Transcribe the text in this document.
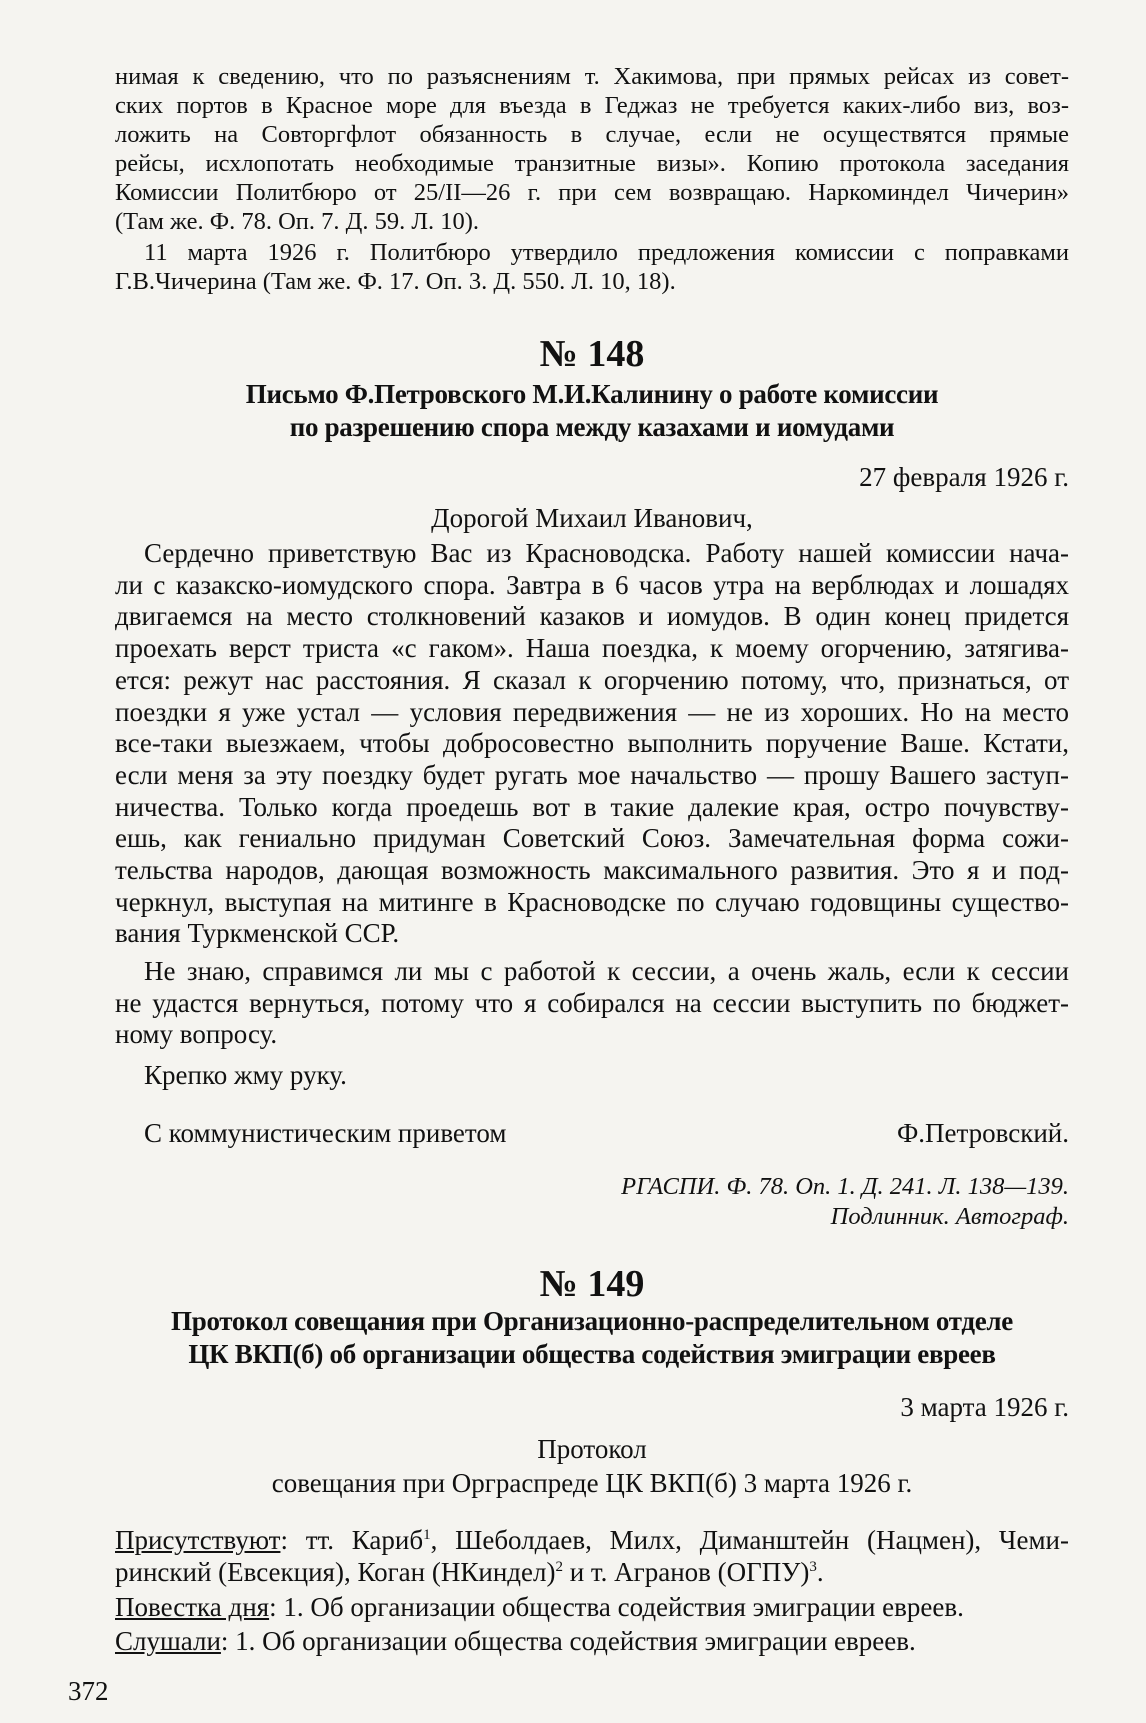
нимая к сведению, что по разъяснениям т. Хакимова, при прямых рейсах из совет-
ских портов в Красное море для въезда в Геджаз не требуется каких-либо виз, воз-
ложить на Совторгфлот обязанность в случае, если не осуществятся прямые
рейсы, исхлопотать необходимые транзитные визы». Копию протокола заседания
Комиссии Политбюро от 25/II—26 г. при сем возвращаю. Наркоминдел Чичерин»
(Там же. Ф. 78. Оп. 7. Д. 59. Л. 10).
11 марта 1926 г. Политбюро утвердило предложения комиссии с поправками
Г.В.Чичерина (Там же. Ф. 17. Оп. 3. Д. 550. Л. 10, 18).
№ 148
Письмо Ф.Петровского М.И.Калинину о работе комиссии
по разрешению спора между казахами и иомудами
27 февраля 1926 г.
Дорогой Михаил Иванович,
Сердечно приветствую Вас из Красноводска. Работу нашей комиссии нача-
ли с казакско-иомудского спора. Завтра в 6 часов утра на верблюдах и лошадях
двигаемся на место столкновений казаков и иомудов. В один конец придется
проехать верст триста «с гаком». Наша поездка, к моему огорчению, затягива-
ется: режут нас расстояния. Я сказал к огорчению потому, что, признаться, от
поездки я уже устал — условия передвижения — не из хороших. Но на место
все-таки выезжаем, чтобы добросовестно выполнить поручение Ваше. Кстати,
если меня за эту поездку будет ругать мое начальство — прошу Вашего заступ-
ничества. Только когда проедешь вот в такие далекие края, остро почувству-
ешь, как гениально придуман Советский Союз. Замечательная форма сожи-
тельства народов, дающая возможность максимального развития. Это я и под-
черкнул, выступая на митинге в Красноводске по случаю годовщины существо-
вания Туркменской ССР.
Не знаю, справимся ли мы с работой к сессии, а очень жаль, если к сессии
не удастся вернуться, потому что я собирался на сессии выступить по бюджет-
ному вопросу.
Крепко жму руку.
С коммунистическим приветом	Ф.Петровский.
РГАСПИ. Ф. 78. Оп. 1. Д. 241. Л. 138—139.
Подлинник. Автограф.
№ 149
Протокол совещания при Организационно-распределительном отделе
ЦК ВКП(б) об организации общества содействия эмиграции евреев
3 марта 1926 г.
Протокол
совещания при Орграспреде ЦК ВКП(б) 3 марта 1926 г.
Присутствуют: тт. Кариб$^1$, Шеболдаев, Милх, Диманштейн (Нацмен), Чеми-
ринский (Евсекция), Коган (НКиндел)$^2$ и т. Агранов (ОГПУ)$^3$.
Повестка дня: 1. Об организации общества содействия эмиграции евреев.
Слушали: 1. Об организации общества содействия эмиграции евреев.
372
